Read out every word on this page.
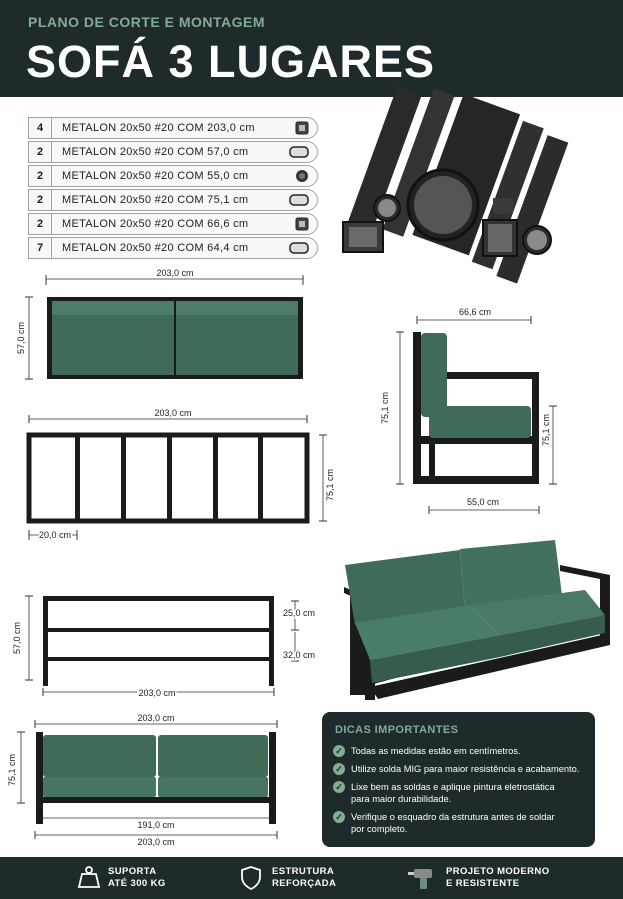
PLANO DE CORTE E MONTAGEM
SOFÁ 3 LUGARES
4	METALON 20x50 #20 COM 203,0 cm
2	METALON 20x50 #20 COM 57,0 cm
2	METALON 20x50 #20 COM 55,0 cm
2	METALON 20x50 #20 COM 75,1 cm
2	METALON 20x50 #20 COM 66,6 cm
7	METALON 20x50 #20 COM 64,4 cm
203,0 cm
57,0 cm
66,6 cm
75,1 cm
75,1 cm
55,0 cm
203,0 cm
75,1 cm
20,0 cm
57,0 cm
25,0 cm
32,0 cm
203,0 cm
203,0 cm
75,1 cm
191,0 cm
203,0 cm
DICAS IMPORTANTES
✓ Todas as medidas estão em centímetros.
✓ Utilize solda MIG para maior resistência e acabamento.
✓ Lixe bem as soldas e aplique pintura eletrostática
para maior durabilidade.
✓ Verifique o esquadro da estrutura antes de soldar
por completo.
SUPORTA
ATÉ 300 KG
ESTRUTURA
REFORÇADA
PROJETO MODERNO
E RESISTENTE
